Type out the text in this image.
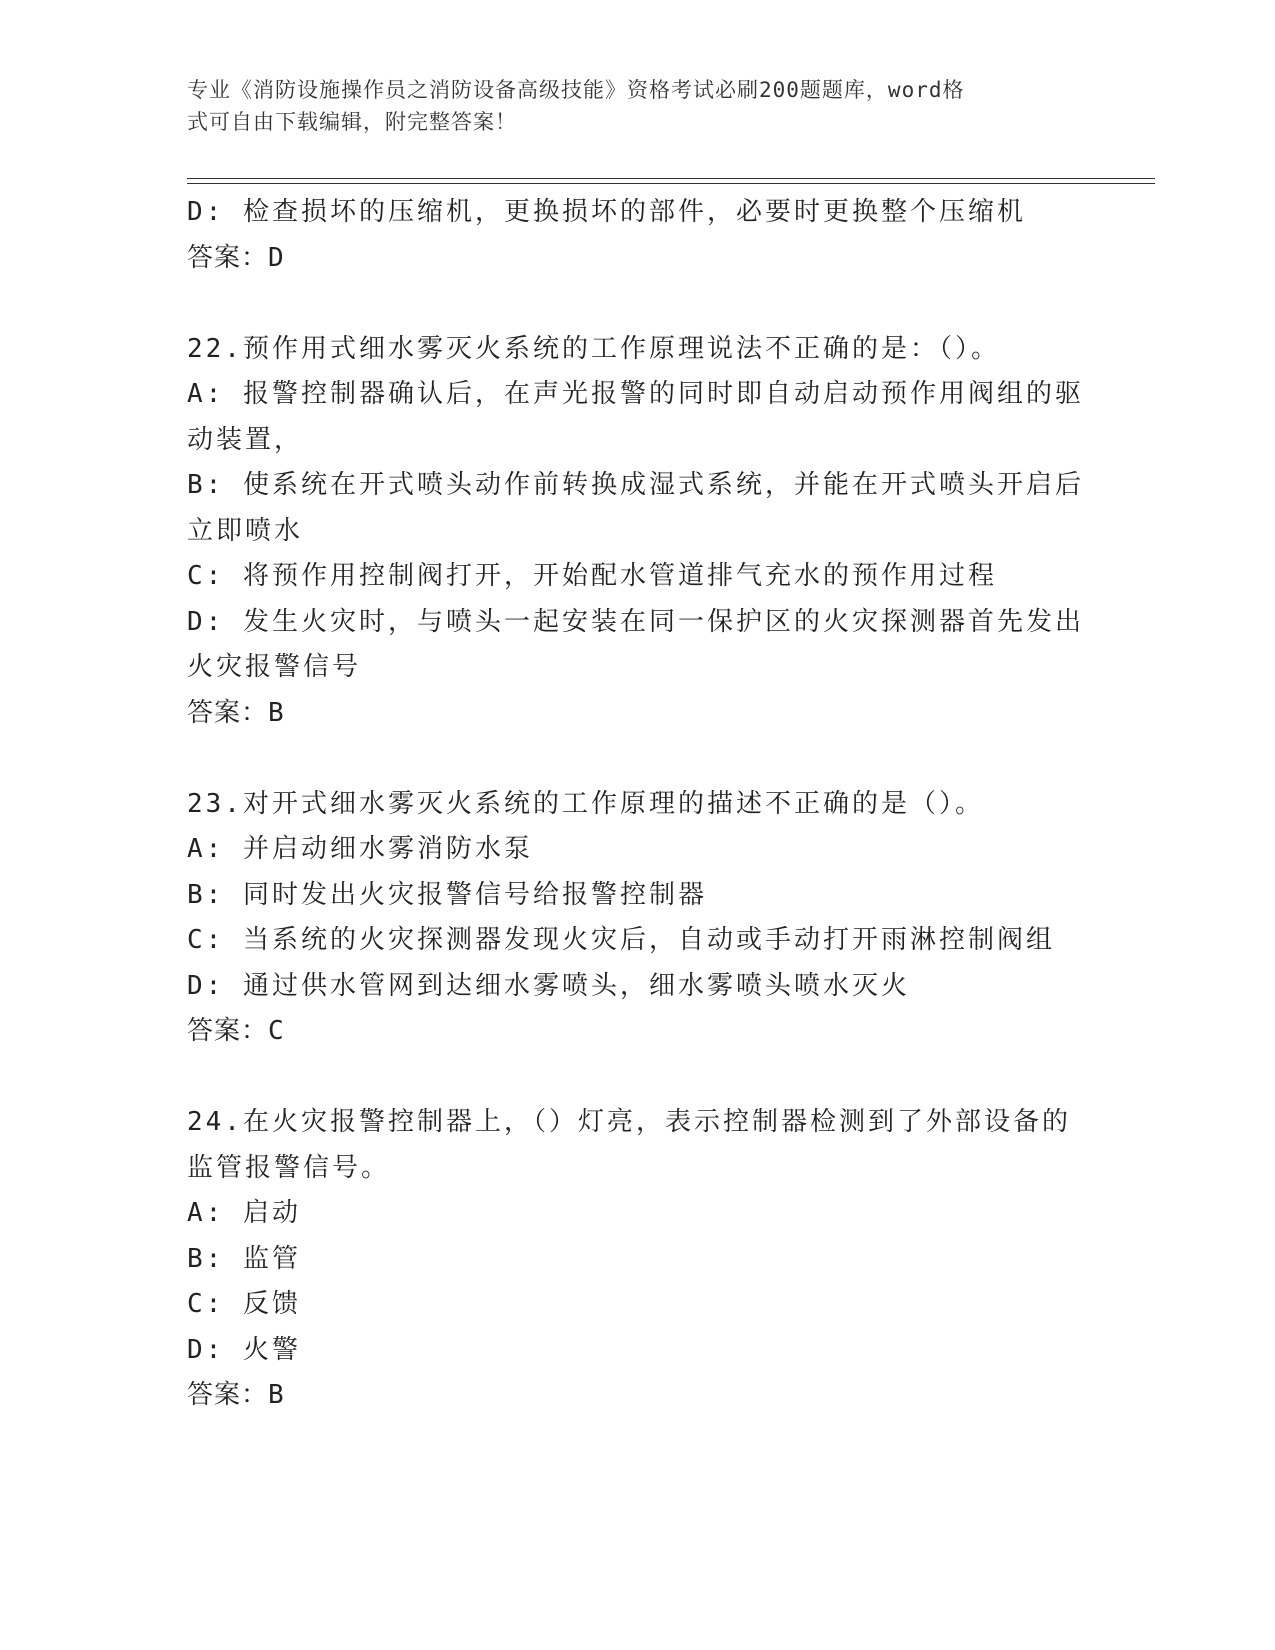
专业《消防设施操作员之消防设备高级技能》资格考试必刷200题题库，word格
式可自由下载编辑，附完整答案！
D: 检查损坏的压缩机，更换损坏的部件，必要时更换整个压缩机
答案：D
22.预作用式细水雾灭火系统的工作原理说法不正确的是：（）。
A: 报警控制器确认后，在声光报警的同时即自动启动预作用阀组的驱
动装置，
B: 使系统在开式喷头动作前转换成湿式系统，并能在开式喷头开启后
立即喷水
C: 将预作用控制阀打开，开始配水管道排气充水的预作用过程
D: 发生火灾时，与喷头一起安装在同一保护区的火灾探测器首先发出
火灾报警信号
答案：B
23.对开式细水雾灭火系统的工作原理的描述不正确的是（）。
A: 并启动细水雾消防水泵
B: 同时发出火灾报警信号给报警控制器
C: 当系统的火灾探测器发现火灾后，自动或手动打开雨淋控制阀组
D: 通过供水管网到达细水雾喷头，细水雾喷头喷水灭火
答案：C
24.在火灾报警控制器上，（）灯亮，表示控制器检测到了外部设备的
监管报警信号。
A: 启动
B: 监管
C: 反馈
D: 火警
答案：B
